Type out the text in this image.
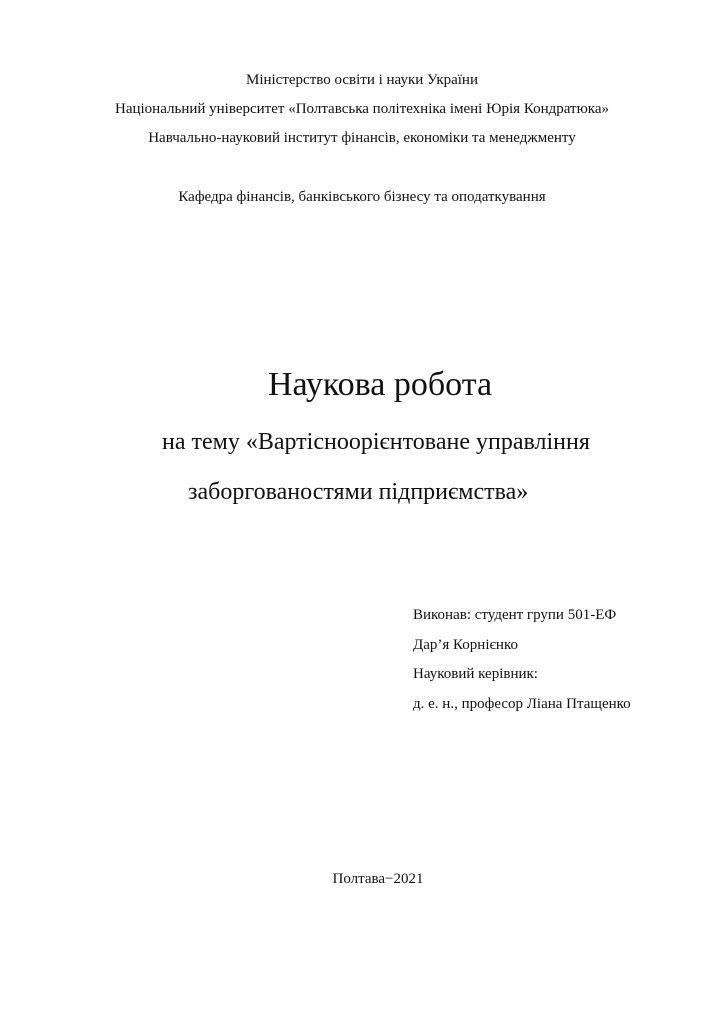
Міністерство освіти і науки України
Національний університет «Полтавська політехніка імені Юрія Кондратюка»
Навчально-науковий інститут фінансів, економіки та менеджменту
Кафедра фінансів, банківського бізнесу та оподаткування
Наукова робота
на тему «Вартісноорієнтоване управління
заборгованостями підприємства»
Виконав: студент групи 501-ЕФ
Дар’я Корнієнко
Науковий керівник:
д. е. н., професор Ліана Птащенко
Полтава−2021
